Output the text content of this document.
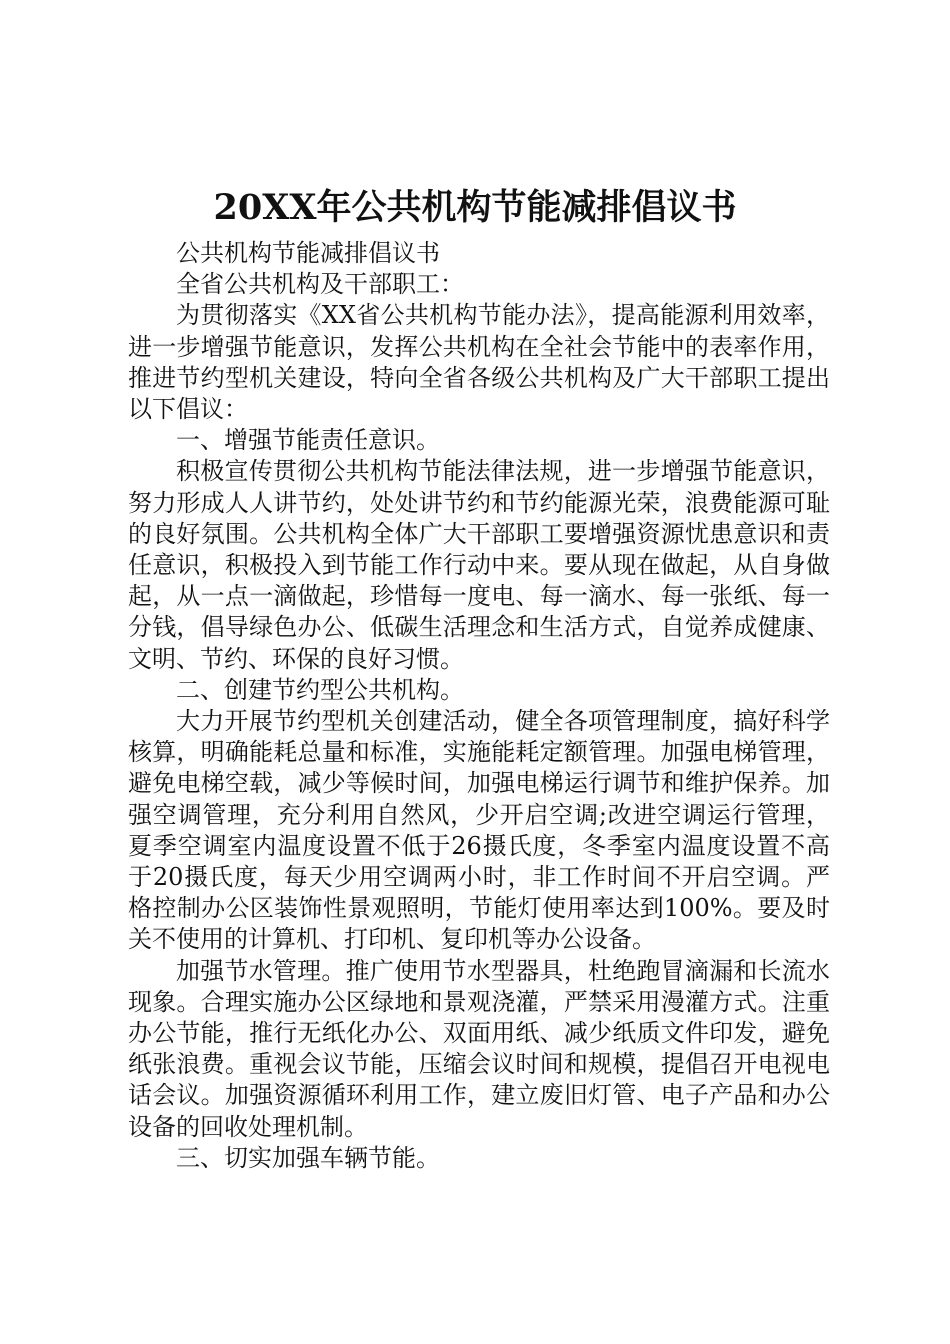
20XX年公共机构节能减排倡议书

公共机构节能减排倡议书

全省公共机构及干部职工：

为贯彻落实《XX省公共机构节能办法》，提高能源利用效率，进一步增强节能意识，发挥公共机构在全社会节能中的表率作用，推进节约型机关建设，特向全省各级公共机构及广大干部职工提出以下倡议：

一、增强节能责任意识。

积极宣传贯彻公共机构节能法律法规，进一步增强节能意识，努力形成人人讲节约，处处讲节约和节约能源光荣，浪费能源可耻的良好氛围。公共机构全体广大干部职工要增强资源忧患意识和责任意识，积极投入到节能工作行动中来。要从现在做起，从自身做起，从一点一滴做起，珍惜每一度电、每一滴水、每一张纸、每一分钱，倡导绿色办公、低碳生活理念和生活方式，自觉养成健康、文明、节约、环保的良好习惯。

二、创建节约型公共机构。

大力开展节约型机关创建活动，健全各项管理制度，搞好科学核算，明确能耗总量和标准，实施能耗定额管理。加强电梯管理，避免电梯空载，减少等候时间，加强电梯运行调节和维护保养。加强空调管理，充分利用自然风，少开启空调;改进空调运行管理，夏季空调室内温度设置不低于26摄氏度，冬季室内温度设置不高于20摄氏度，每天少用空调两小时，非工作时间不开启空调。严格控制办公区装饰性景观照明，节能灯使用率达到100%。要及时关不使用的计算机、打印机、复印机等办公设备。

加强节水管理。推广使用节水型器具，杜绝跑冒滴漏和长流水现象。合理实施办公区绿地和景观浇灌，严禁采用漫灌方式。注重办公节能，推行无纸化办公、双面用纸、减少纸质文件印发，避免纸张浪费。重视会议节能，压缩会议时间和规模，提倡召开电视电话会议。加强资源循环利用工作，建立废旧灯管、电子产品和办公设备的回收处理机制。

三、切实加强车辆节能。
